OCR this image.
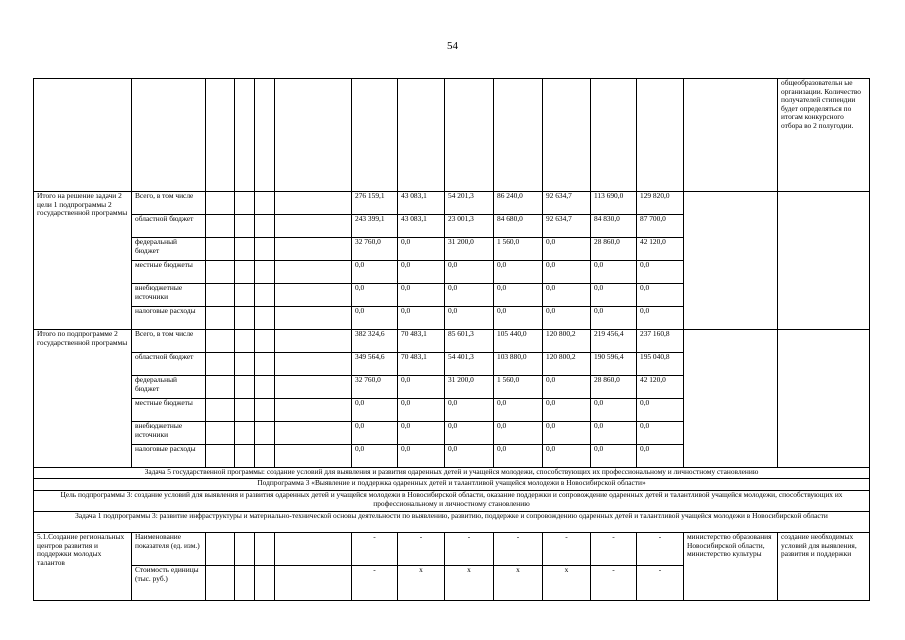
54
														общеобразовательн ые организации. Количество получателей стипендии будет определяться по итогам конкурсного отбора во 2 полугодии.
Итого на решение задачи 2 цели 1 подпрограммы 2 государственной программы	Всего, в том числе					276 159,1	43 083,1	54 201,3	86 240,0	92 634,7	113 690,0	129 820,0		
	областной бюджет					243 399,1	43 083,1	23 001,3	84 680,0	92 634,7	84 830,0	87 700,0		
	федеральный бюджет					32 760,0	0,0	31 200,0	1 560,0	0,0	28 860,0	42 120,0		
	местные бюджеты					0,0	0,0	0,0	0,0	0,0	0,0	0,0		
	внебюджетные источники					0,0	0,0	0,0	0,0	0,0	0,0	0,0		
	налоговые расходы					0,0	0,0	0,0	0,0	0,0	0,0	0,0		
Итого по подпрограмме 2 государственной программы	Всего, в том числе					382 324,6	70 483,1	85 601,3	105 440,0	120 800,2	219 456,4	237 160,8		
	областной бюджет					349 564,6	70 483,1	54 401,3	103 880,0	120 800,2	190 596,4	195 040,8		
	федеральный бюджет					32 760,0	0,0	31 200,0	1 560,0	0,0	28 860,0	42 120,0		
	местные бюджеты					0,0	0,0	0,0	0,0	0,0	0,0	0,0		
	внебюджетные источники					0,0	0,0	0,0	0,0	0,0	0,0	0,0		
	налоговые расходы					0,0	0,0	0,0	0,0	0,0	0,0	0,0		
Задача 5 государственной программы: создание условий для выявления и развития одаренных детей и учащейся молодежи, способствующих их профессиональному и личностному становлению														
Подпрограмма 3 «Выявление и поддержка одаренных детей и талантливой учащейся молодежи в Новосибирской области»														
Цель подпрограммы 3: создание условий для выявления и развития одаренных детей и учащейся молодежи в Новосибирской области, оказание поддержки и сопровождение одаренных детей и талантливой учащейся молодежи, способствующих их профессиональному и личностному становлению														
Задача 1 подпрограммы 3: развитие инфраструктуры и материально-технической основы деятельности по выявлению, развитию, поддержке и сопровождению одаренных детей и талантливой учащейся молодежи в Новосибирской области														
5.1.Создание региональных центров развития и поддержки молодых талантов	Наименование показателя (ед. изм.)					-	-	-	-	-	-	-	министерство образования Новосибирской области, министерство культуры	создание необходимых условий для выявления, развития и поддержки
	Стоимость единицы (тыс. руб.)					-	х	х	х	х	-	-		
